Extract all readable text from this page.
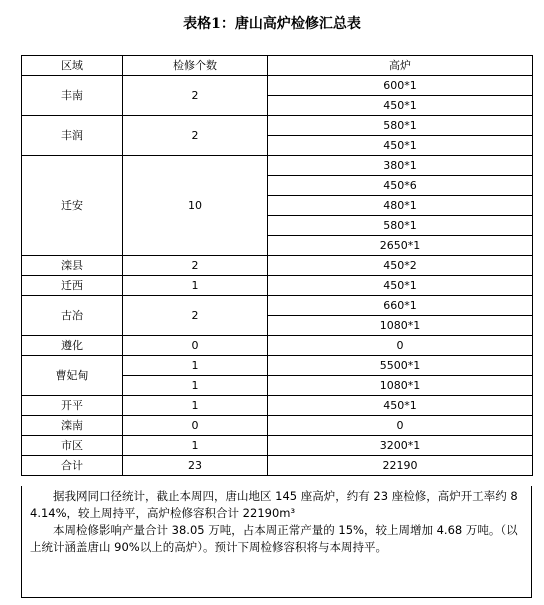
表格1：唐山高炉检修汇总表
区域	检修个数	高炉
丰南	2	600*1
		450*1
丰润	2	580*1
		450*1
迁安	10	380*1
		450*6
		480*1
		580*1
		2650*1
滦县	2	450*2
迁西	1	450*1
古冶	2	660*1
		1080*1
遵化	0	0
曹妃甸	1	5500*1
	1	1080*1
开平	1	450*1
滦南	0	0
市区	1	3200*1
合计	23	22190

据我网同口径统计，截止本周四，唐山地区 145 座高炉，约有 23 座检修，高炉开工率约 84.14%，较上周持平，高炉检修容积合计 22190m³

本周检修影响产量合计 38.05 万吨，占本周正常产量的 15%，较上周增加 4.68 万吨。（以上统计涵盖唐山 90%以上的高炉）。预计下周检修容积将与本周持平。
